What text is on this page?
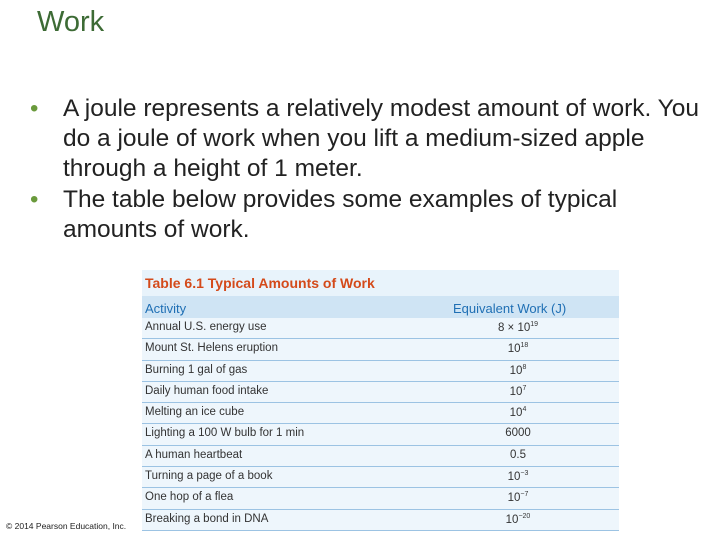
Work
• A joule represents a relatively modest amount of work. You do a joule of work when you lift a medium-sized apple through a height of 1 meter.
• The table below provides some examples of typical amounts of work.
Table 6.1 Typical Amounts of Work
Activity	Equivalent Work (J)
Annual U.S. energy use	$8 \times 10^{19}$
Mount St. Helens eruption	$10^{18}$
Burning 1 gal of gas	$10^8$
Daily human food intake	$10^7$
Melting an ice cube	$10^4$
Lighting a 100 W bulb for 1 min	6000
A human heartbeat	0.5
Turning a page of a book	$10^{-3}$
One hop of a flea	$10^{-7}$
Breaking a bond in DNA	$10^{-20}$
© 2014 Pearson Education, Inc.
